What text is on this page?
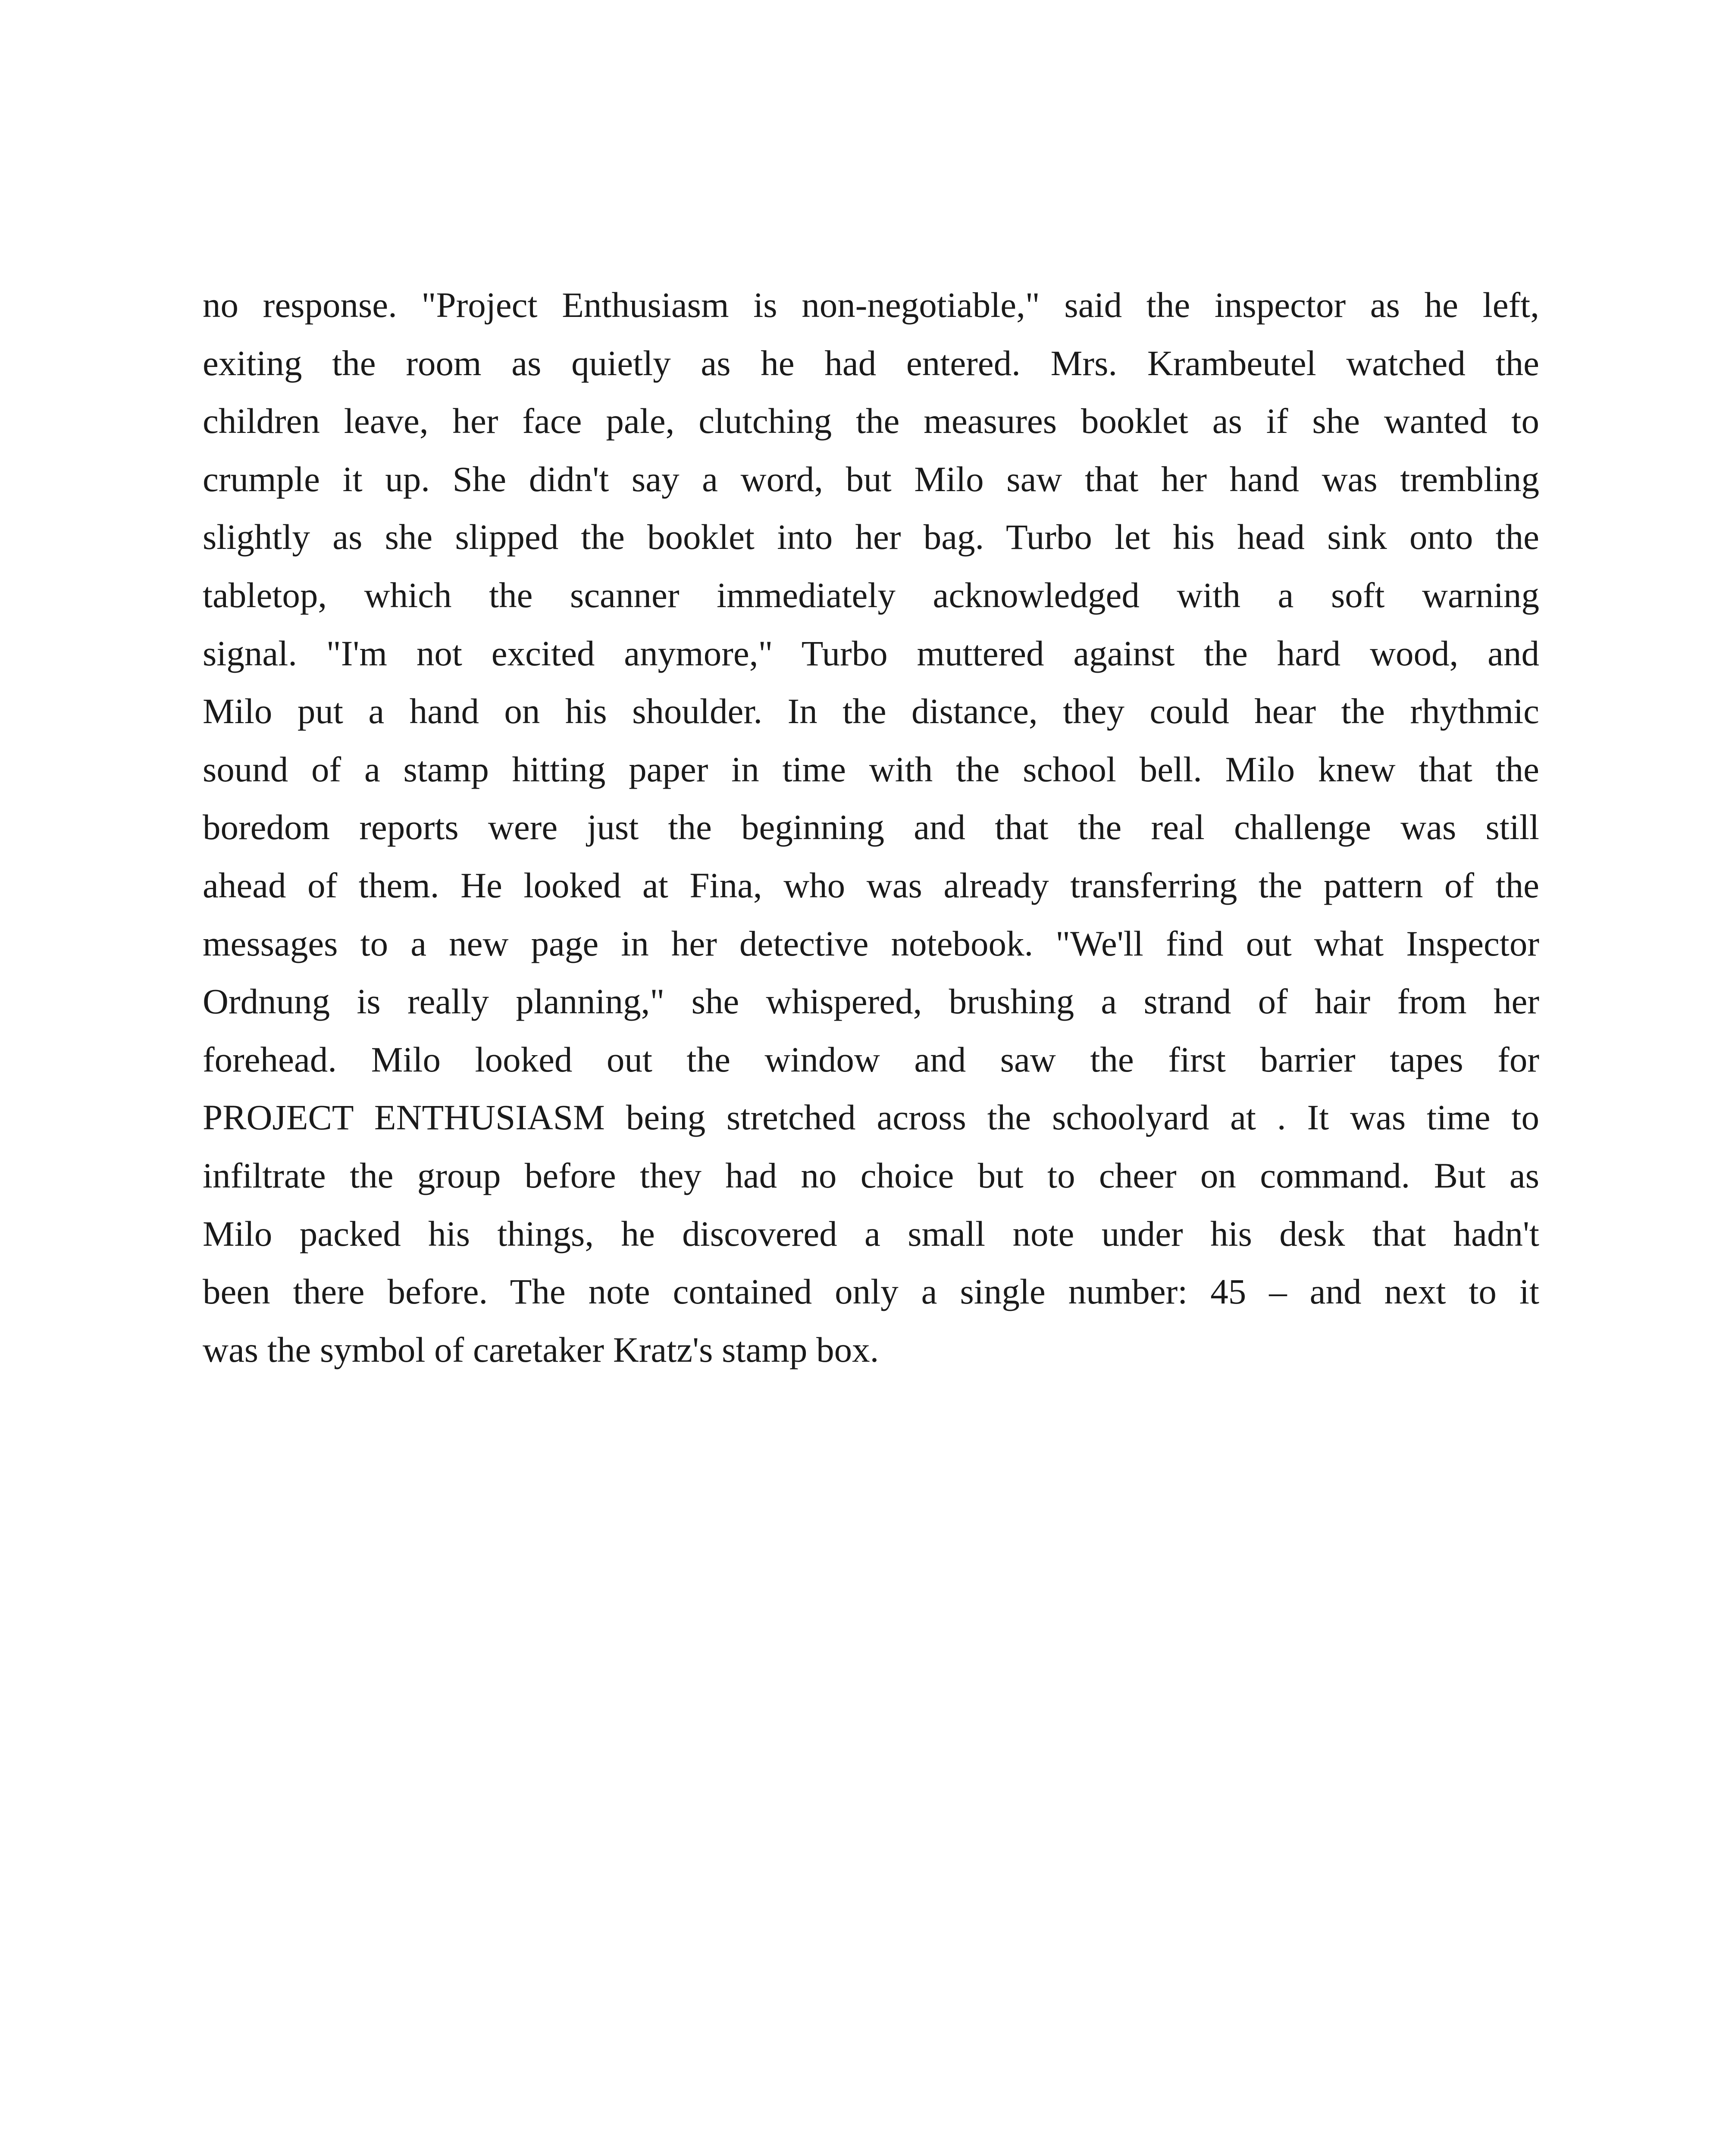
no response. "Project Enthusiasm is non-negotiable," said the inspector as he left,
exiting the room as quietly as he had entered. Mrs. Krambeutel watched the
children leave, her face pale, clutching the measures booklet as if she wanted to
crumple it up. She didn't say a word, but Milo saw that her hand was trembling
slightly as she slipped the booklet into her bag. Turbo let his head sink onto the
tabletop, which the scanner immediately acknowledged with a soft warning
signal. "I'm not excited anymore," Turbo muttered against the hard wood, and
Milo put a hand on his shoulder. In the distance, they could hear the rhythmic
sound of a stamp hitting paper in time with the school bell. Milo knew that the
boredom reports were just the beginning and that the real challenge was still
ahead of them. He looked at Fina, who was already transferring the pattern of the
messages to a new page in her detective notebook. "We'll find out what Inspector
Ordnung is really planning," she whispered, brushing a strand of hair from her
forehead. Milo looked out the window and saw the first barrier tapes for
PROJECT ENTHUSIASM being stretched across the schoolyard at . It was time to
infiltrate the group before they had no choice but to cheer on command. But as
Milo packed his things, he discovered a small note under his desk that hadn't
been there before. The note contained only a single number: 45 – and next to it
was the symbol of caretaker Kratz's stamp box.
